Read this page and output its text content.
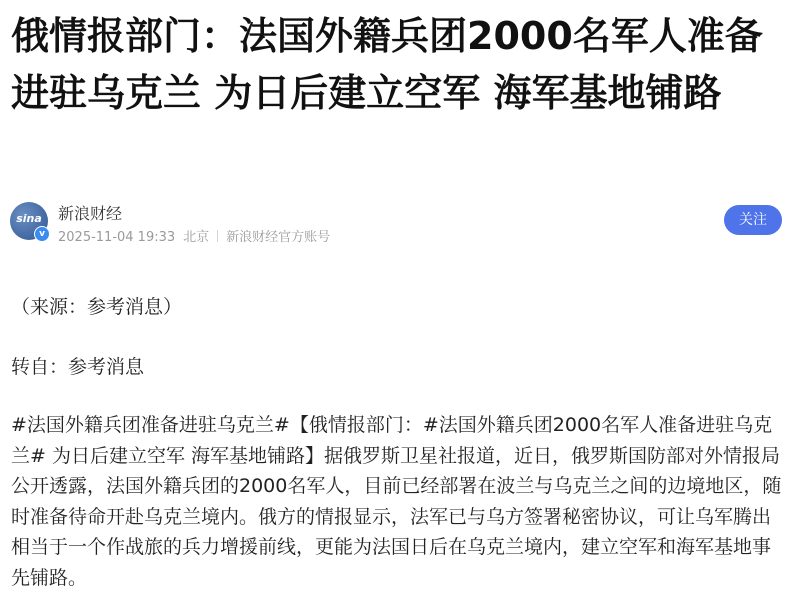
俄情报部门：法国外籍兵团2000名军人准备进驻乌克兰 为日后建立空军 海军基地铺路
sina
v
新浪财经
2025-11-04 19:33 北京 新浪财经官方账号
关注

（来源：参考消息）

转自：参考消息

#法国外籍兵团准备进驻乌克兰#【俄情报部门：#法国外籍兵团2000名军人准备进驻乌克兰# 为日后建立空军 海军基地铺路】据俄罗斯卫星社报道，近日，俄罗斯国防部对外情报局公开透露，法国外籍兵团的2000名军人，目前已经部署在波兰与乌克兰之间的边境地区，随时准备待命开赴乌克兰境内。俄方的情报显示，法军已与乌方签署秘密协议，可让乌军腾出相当于一个作战旅的兵力增援前线，更能为法国日后在乌克兰境内，建立空军和海军基地事先铺路。
